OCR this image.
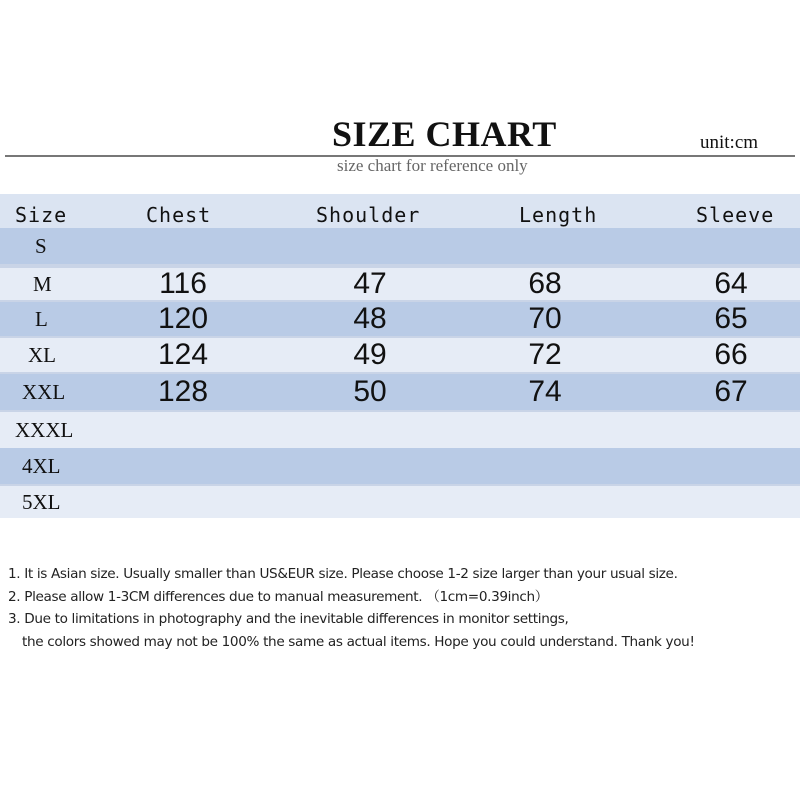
SIZE CHART	unit:cm
size chart for reference only
Size	Chest	Shoulder	Length	Sleeve
S
M	116	47	68	64
L	120	48	70	65
XL	124	49	72	66
XXL	128	50	74	67
XXXL
4XL
5XL
1. It is Asian size. Usually smaller than US&EUR size. Please choose 1-2 size larger than your usual size.
2. Please allow 1-3CM differences due to manual measurement. （1cm=0.39inch）
3. Due to limitations in photography and the inevitable differences in monitor settings,
the colors showed may not be 100% the same as actual items. Hope you could understand. Thank you!
